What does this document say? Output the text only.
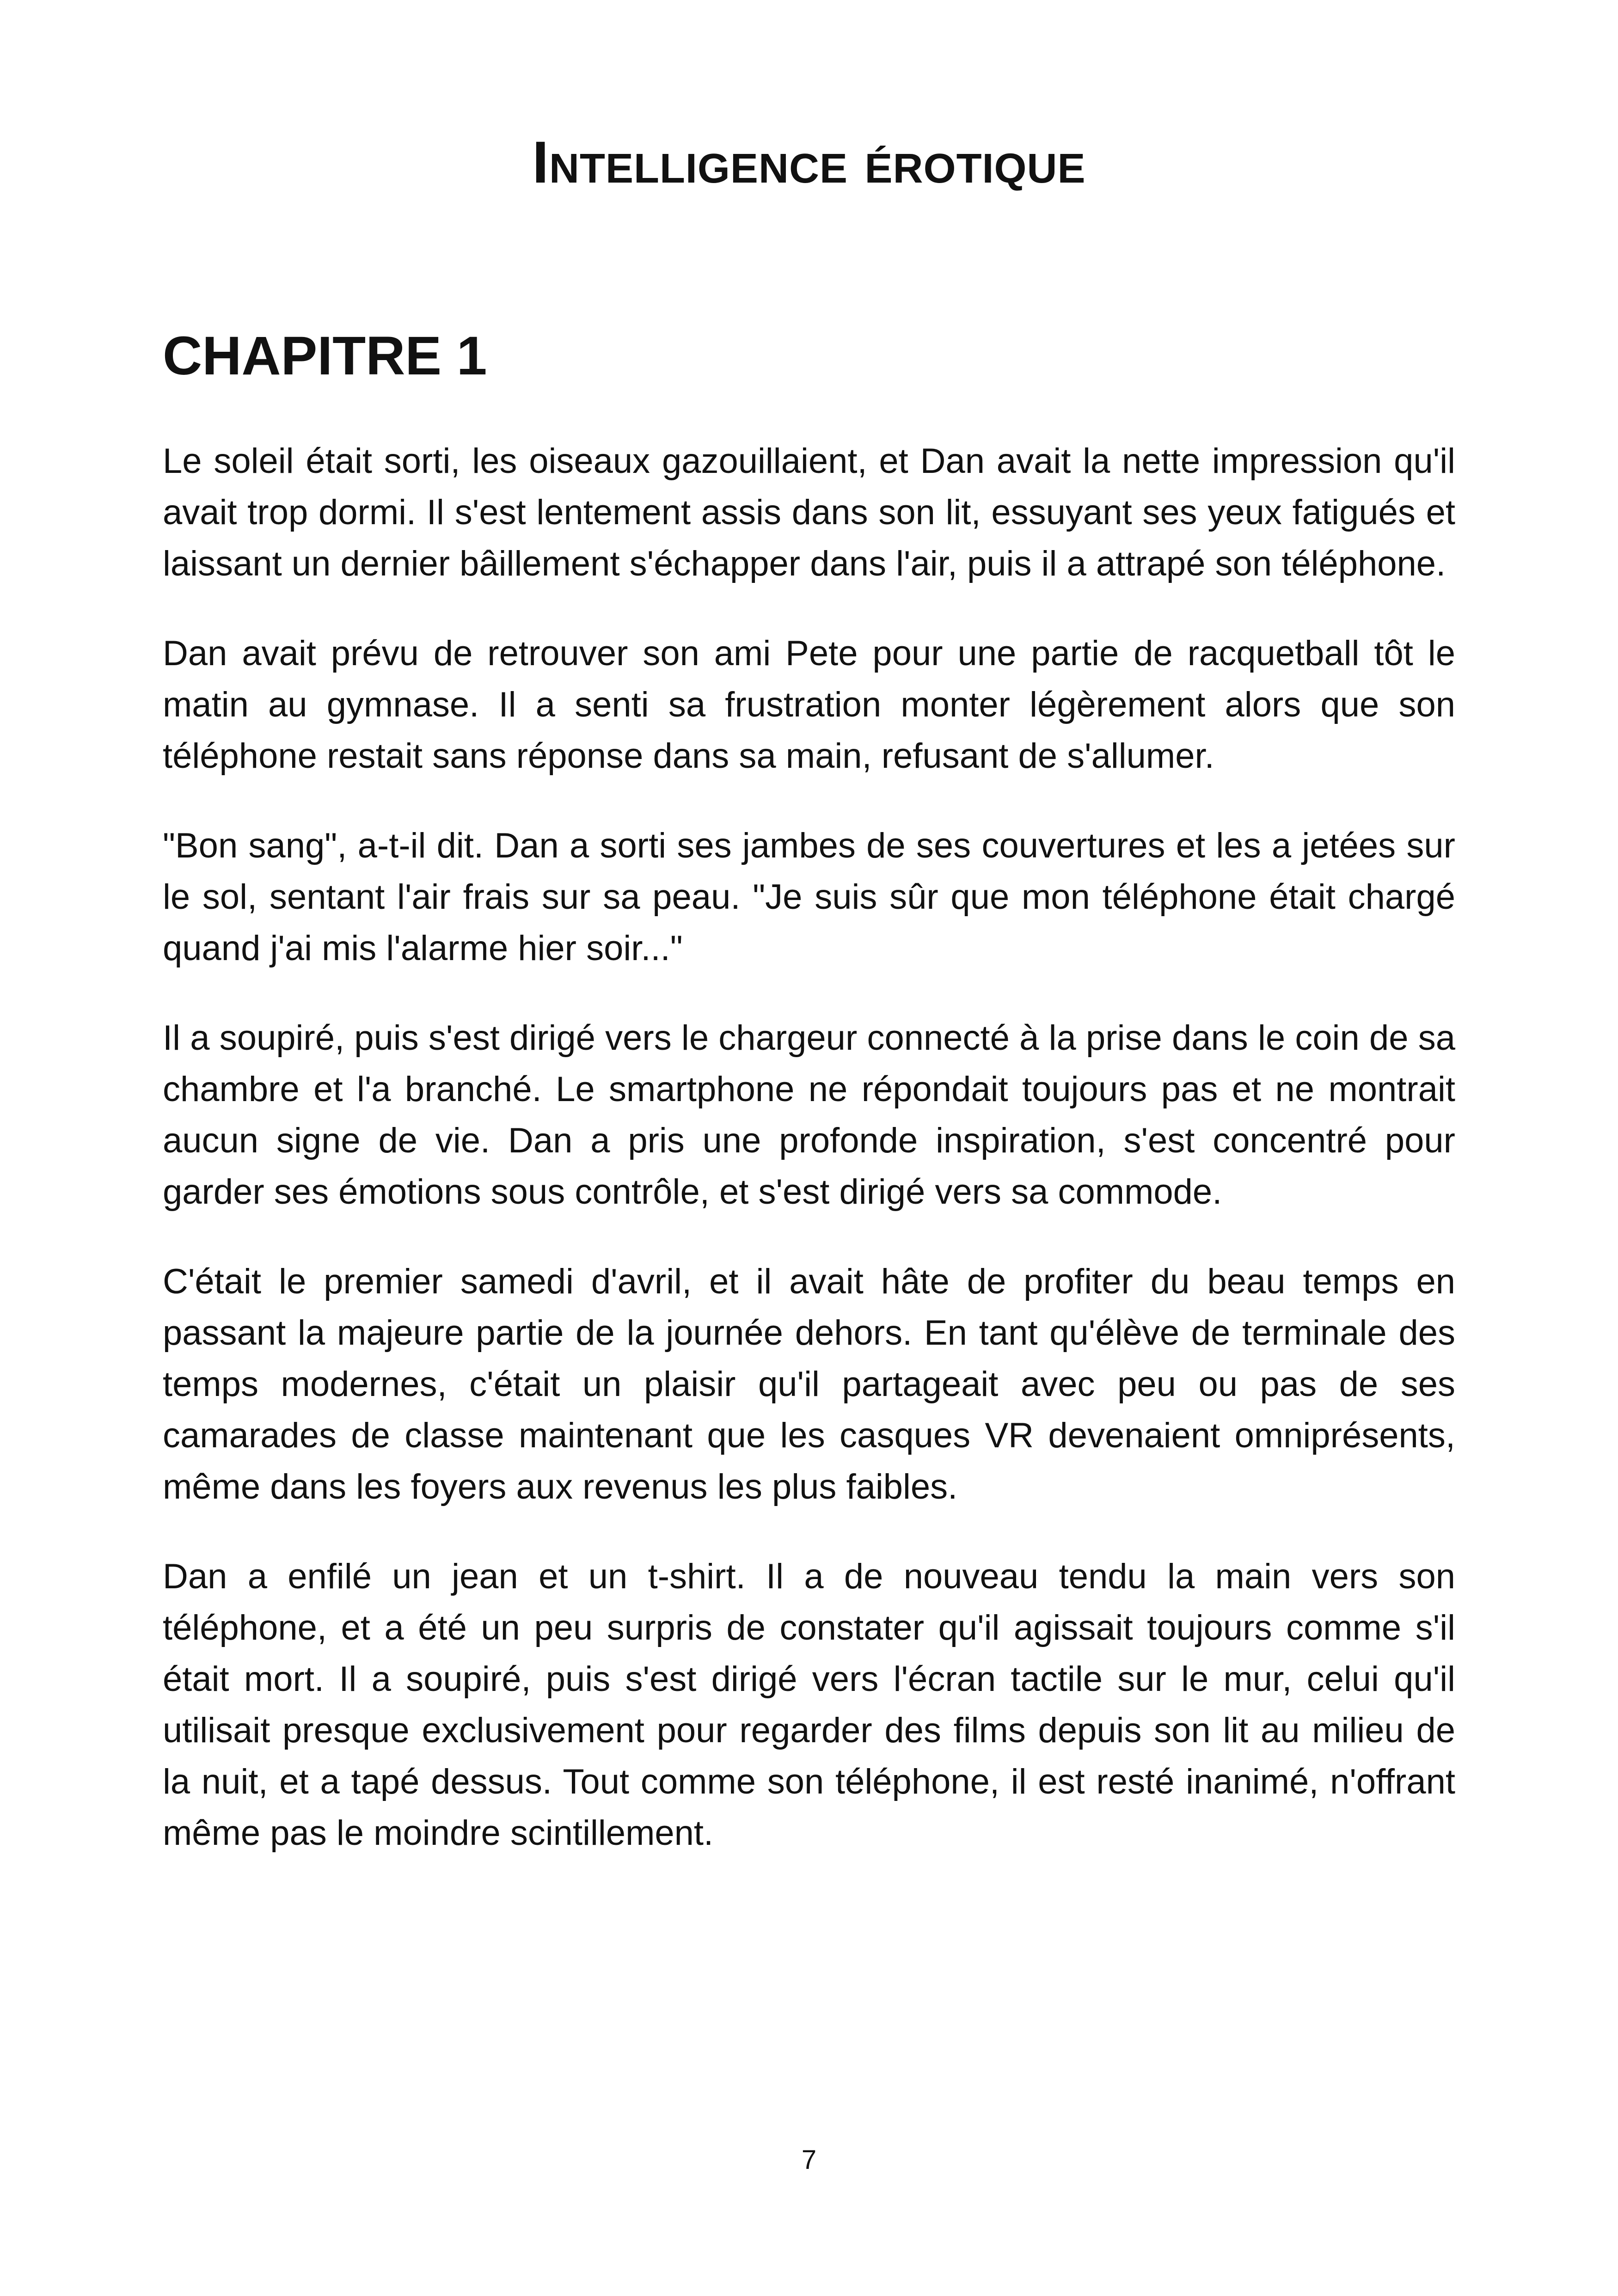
Intelligence érotique
CHAPITRE 1

Le soleil était sorti, les oiseaux gazouillaient, et Dan avait la nette impression qu'il avait trop dormi. Il s'est lentement assis dans son lit, essuyant ses yeux fatigués et laissant un dernier bâillement s'échapper dans l'air, puis il a attrapé son téléphone.

Dan avait prévu de retrouver son ami Pete pour une partie de racquetball tôt le matin au gymnase. Il a senti sa frustration monter légèrement alors que son téléphone restait sans réponse dans sa main, refusant de s'allumer.

"Bon sang", a-t-il dit. Dan a sorti ses jambes de ses couvertures et les a jetées sur le sol, sentant l'air frais sur sa peau. "Je suis sûr que mon téléphone était chargé quand j'ai mis l'alarme hier soir..."

Il a soupiré, puis s'est dirigé vers le chargeur connecté à la prise dans le coin de sa chambre et l'a branché. Le smartphone ne répondait toujours pas et ne montrait aucun signe de vie. Dan a pris une profonde inspiration, s'est concentré pour garder ses émotions sous contrôle, et s'est dirigé vers sa commode.

C'était le premier samedi d'avril, et il avait hâte de profiter du beau temps en passant la majeure partie de la journée dehors. En tant qu'élève de terminale des temps modernes, c'était un plaisir qu'il partageait avec peu ou pas de ses camarades de classe maintenant que les casques VR devenaient omniprésents, même dans les foyers aux revenus les plus faibles.

Dan a enfilé un jean et un t-shirt. Il a de nouveau tendu la main vers son téléphone, et a été un peu surpris de constater qu'il agissait toujours comme s'il était mort. Il a soupiré, puis s'est dirigé vers l'écran tactile sur le mur, celui qu'il utilisait presque exclusivement pour regarder des films depuis son lit au milieu de la nuit, et a tapé dessus. Tout comme son téléphone, il est resté inanimé, n'offrant même pas le moindre scintillement.

7
